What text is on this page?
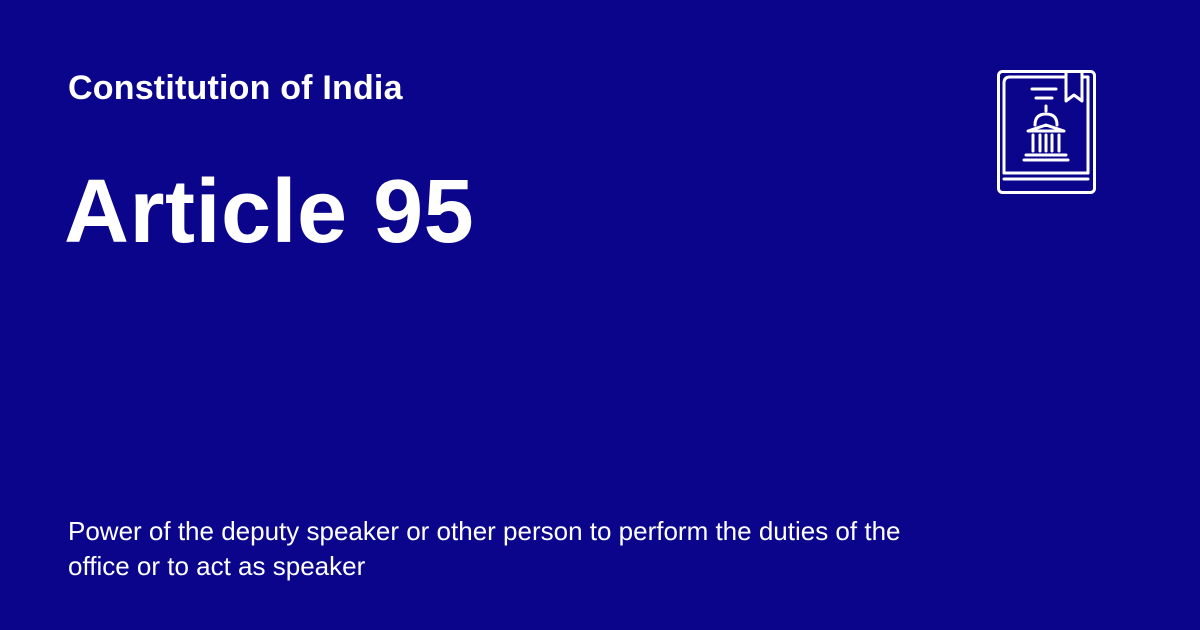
Constitution of India
Article 95
Power of the deputy speaker or other person to perform the duties of the office or to act as speaker
